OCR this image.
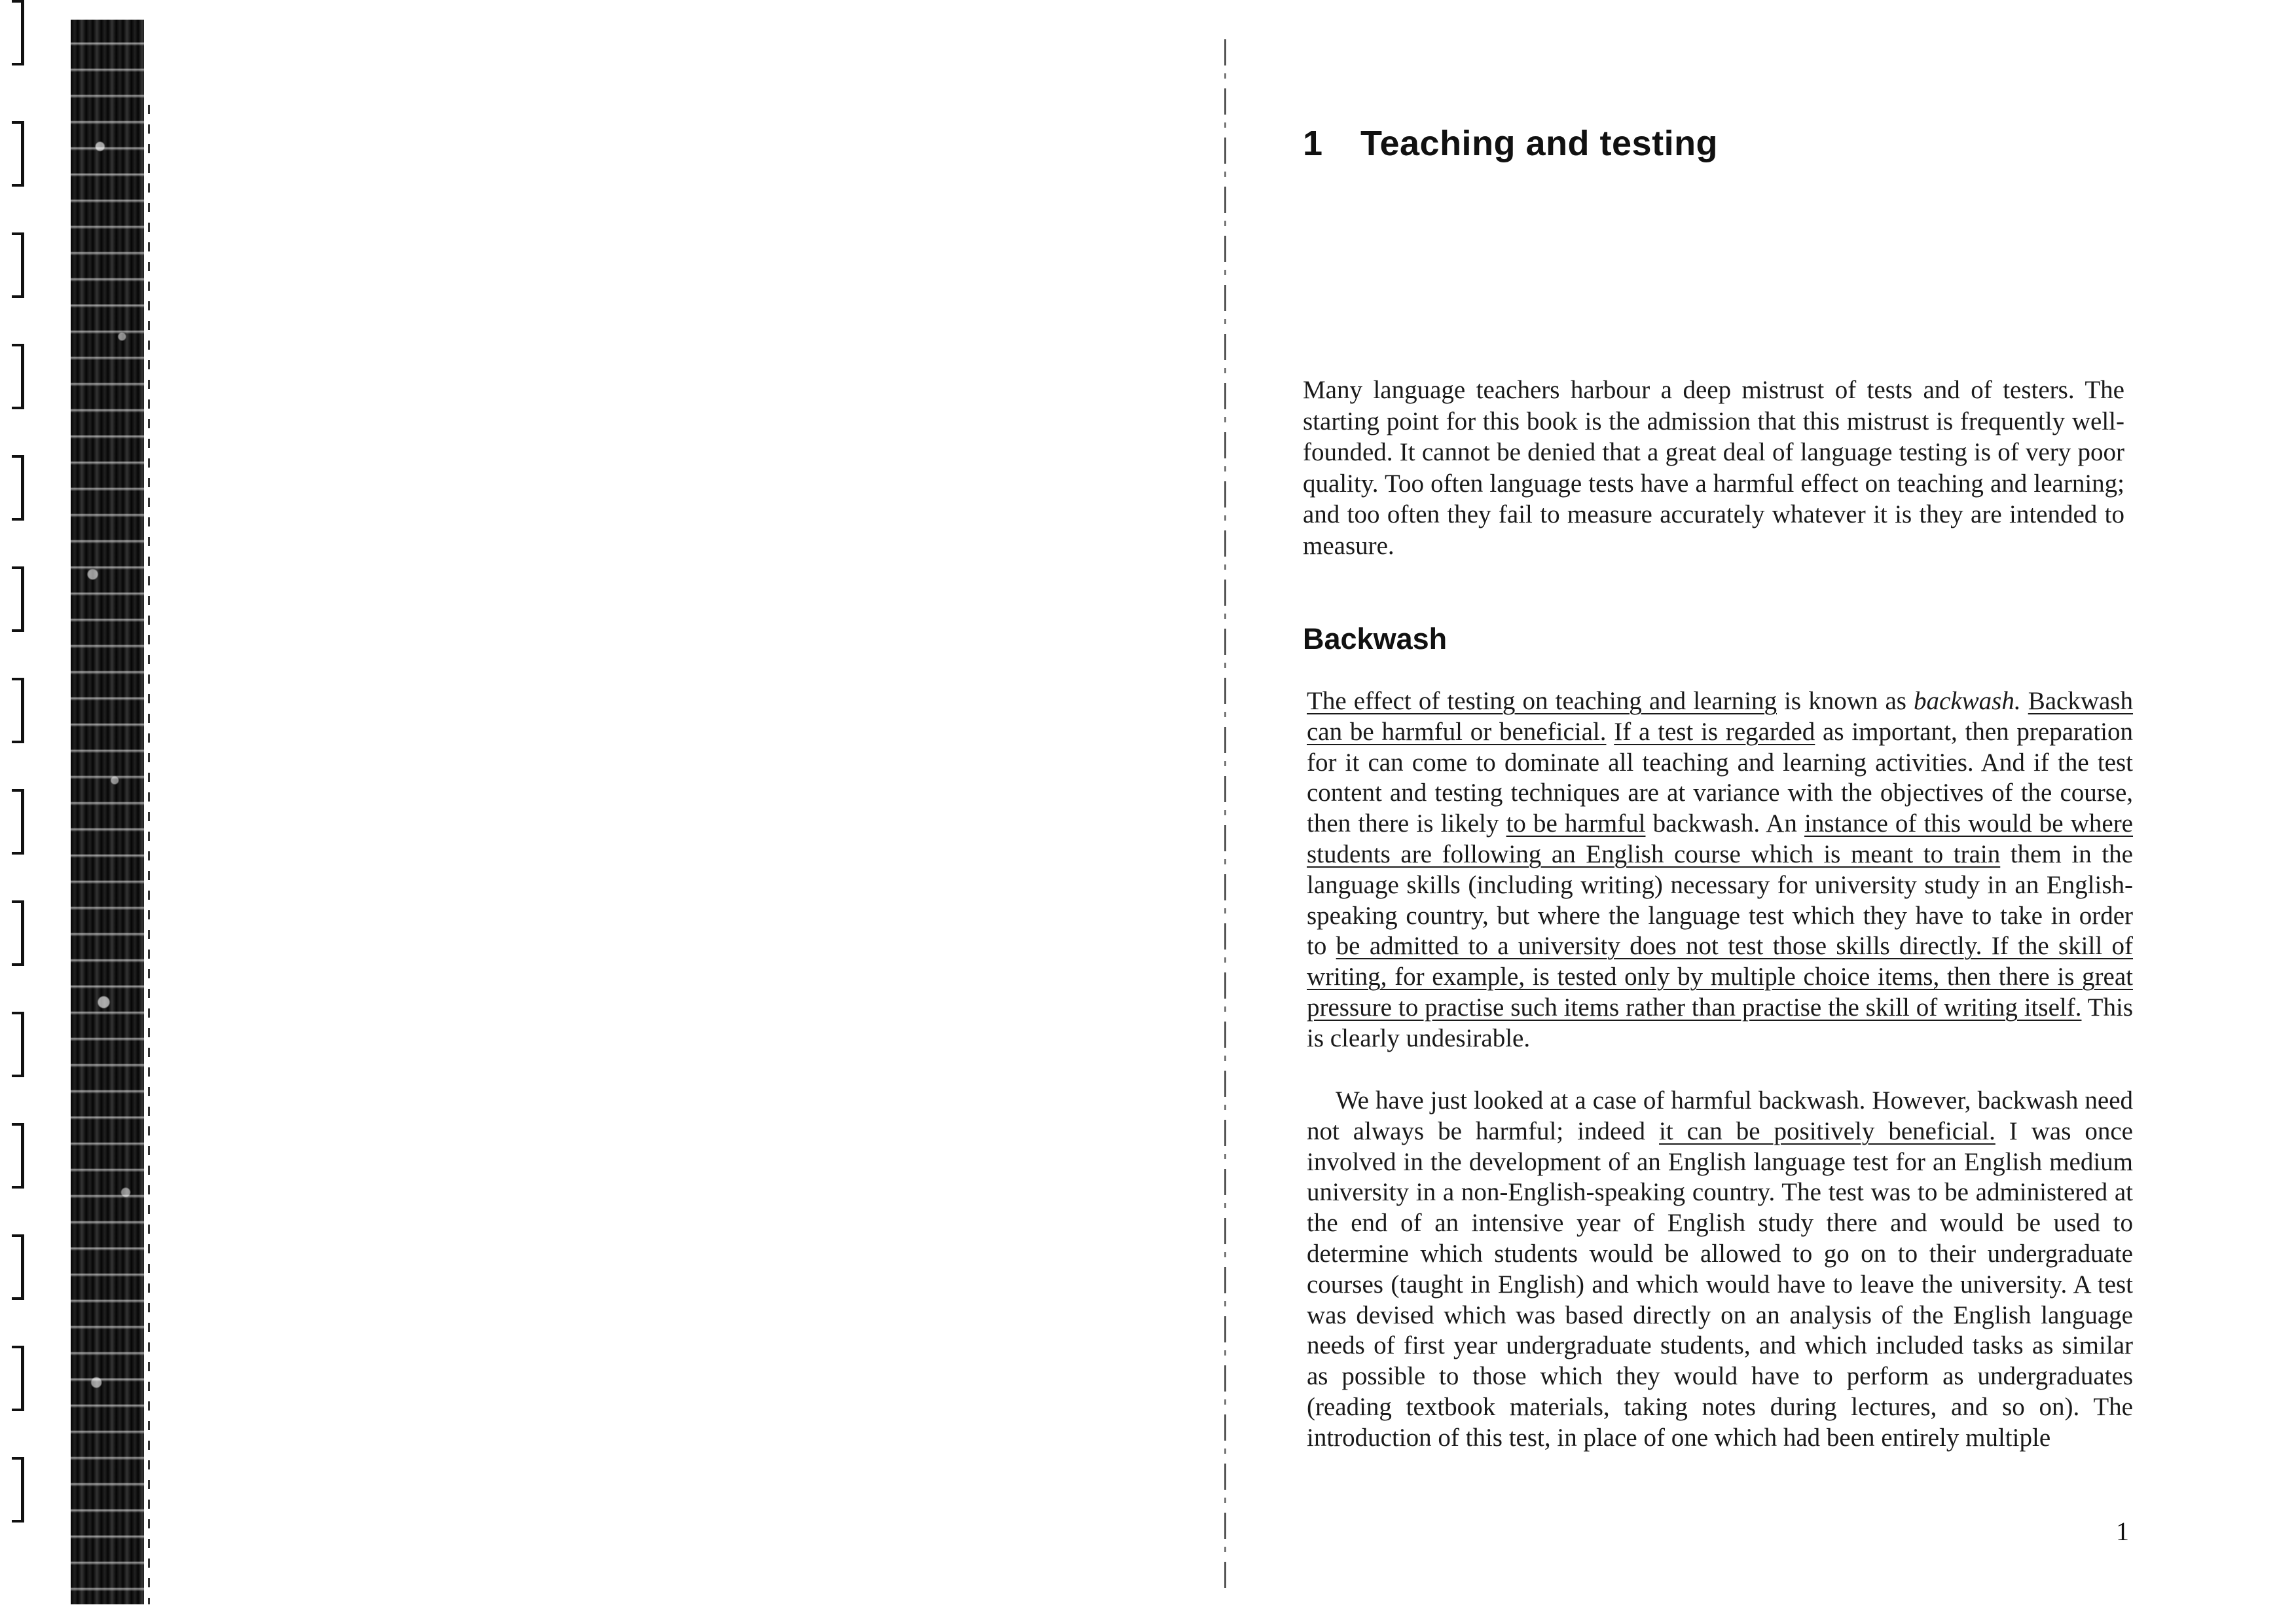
1 Teaching and testing

Many language teachers harbour a deep mistrust of tests and of testers. The starting point for this book is the admission that this mistrust is frequently well-founded. It cannot be denied that a great deal of language testing is of very poor quality. Too often language tests have a harmful effect on teaching and learning; and too often they fail to measure accurately whatever it is they are intended to measure.

Backwash

The effect of testing on teaching and learning is known as backwash. Backwash can be harmful or beneficial. If a test is regarded as important, then preparation for it can come to dominate all teaching and learning activities. And if the test content and testing techniques are at variance with the objectives of the course, then there is likely to be harmful backwash. An instance of this would be where students are following an English course which is meant to train them in the language skills (including writing) necessary for university study in an English-speaking country, but where the language test which they have to take in order to be admitted to a university does not test those skills directly. If the skill of writing, for example, is tested only by multiple choice items, then there is great pressure to practise such items rather than practise the skill of writing itself. This is clearly undesirable.

We have just looked at a case of harmful backwash. However, backwash need not always be harmful; indeed it can be positively beneficial. I was once involved in the development of an English language test for an English medium university in a non-English-speaking country. The test was to be administered at the end of an intensive year of English study there and would be used to determine which students would be allowed to go on to their undergraduate courses (taught in English) and which would have to leave the university. A test was devised which was based directly on an analysis of the English language needs of first year undergraduate students, and which included tasks as similar as possible to those which they would have to perform as undergraduates (reading textbook materials, taking notes during lectures, and so on). The introduction of this test, in place of one which had been entirely multiple

1
